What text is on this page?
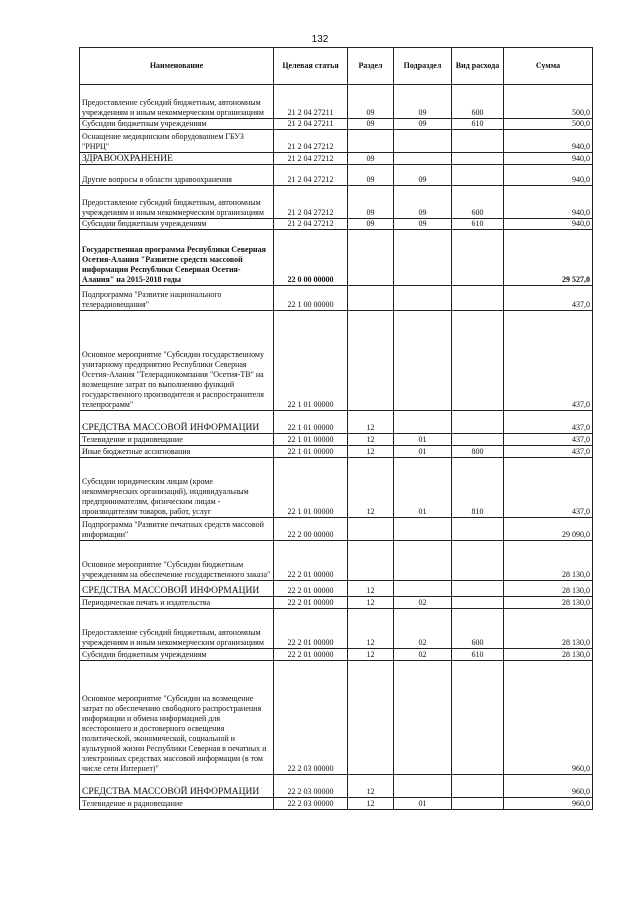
132
Наименование	Целевая статья	Раздел	Подраздел	Вид расхода	Сумма
Предоставление субсидий бюджетным, автономным учреждениям и иным некоммерческим организациям	21 2 04 27211	09	09	600	500,0
Субсидии бюджетным учреждениям	21 2 04 27211	09	09	610	500,0
Оснащение медицинским оборудованием ГБУЗ "РНРЦ"	21 2 04 27212				940,0
ЗДРАВООХРАНЕНИЕ	21 2 04 27212	09			940,0
Другие вопросы в области здравоохранения	21 2 04 27212	09	09		940,0
Предоставление субсидий бюджетным, автономным учреждениям и иным некоммерческим организациям	21 2 04 27212	09	09	600	940,0
Субсидии бюджетным учреждениям	21 2 04 27212	09	09	610	940,0
Государственная программа Республики Северная Осетия-Алания "Развитие средств массовой информации Республики Северная Осетия-Алания" на 2015-2018 годы	22 0 00 00000				29 527,0
Подпрограмма "Развитие национального телерадиовещания"	22 1 00 00000				437,0
Основное мероприятие "Субсидии государственному унитарному предприятию Республики Северная Осетия-Алания "Телерадиокомпания "Осетия-ТВ" на возмещение затрат по выполнению функций государственного производителя и распространителя телепрограмм"	22 1 01 00000				437,0
СРЕДСТВА МАССОВОЙ ИНФОРМАЦИИ	22 1 01 00000	12			437,0
Телевидение и радиовещание	22 1 01 00000	12	01		437,0
Иные бюджетные ассигнования	22 1 01 00000	12	01	800	437,0
Субсидии юридическим лицам (кроме некоммерческих организаций), индивидуальным предпринимателям, физическим лицам - производителям товаров, работ, услуг	22 1 01 00000	12	01	810	437,0
Подпрограмма "Развитие печатных средств массовой информации"	22 2 00 00000				29 090,0
Основное мероприятие "Субсидии бюджетным учреждениям на обеспечение государственного заказа"	22 2 01 00000				28 130,0
СРЕДСТВА МАССОВОЙ ИНФОРМАЦИИ	22 2 01 00000	12			28 130,0
Периодическая печать и издательства	22 2 01 00000	12	02		28 130,0
Предоставление субсидий бюджетным, автономным учреждениям и иным некоммерческим организациям	22 2 01 00000	12	02	600	28 130,0
Субсидии бюджетным учреждениям	22 2 01 00000	12	02	610	28 130,0
Основное мероприятие "Субсидии на возмещение затрат по обеспечению свободного распространения информации и обмена информацией для всестороннего и достоверного освещения политической, экономической, социальной и культурной жизни Республики Северная в печатных и электронных средствах массовой информации (в том числе сети Интернет)"	22 2 03 00000				960,0
СРЕДСТВА МАССОВОЙ ИНФОРМАЦИИ	22 2 03 00000	12			960,0
Телевидение и радиовещание	22 2 03 00000	12	01		960,0
